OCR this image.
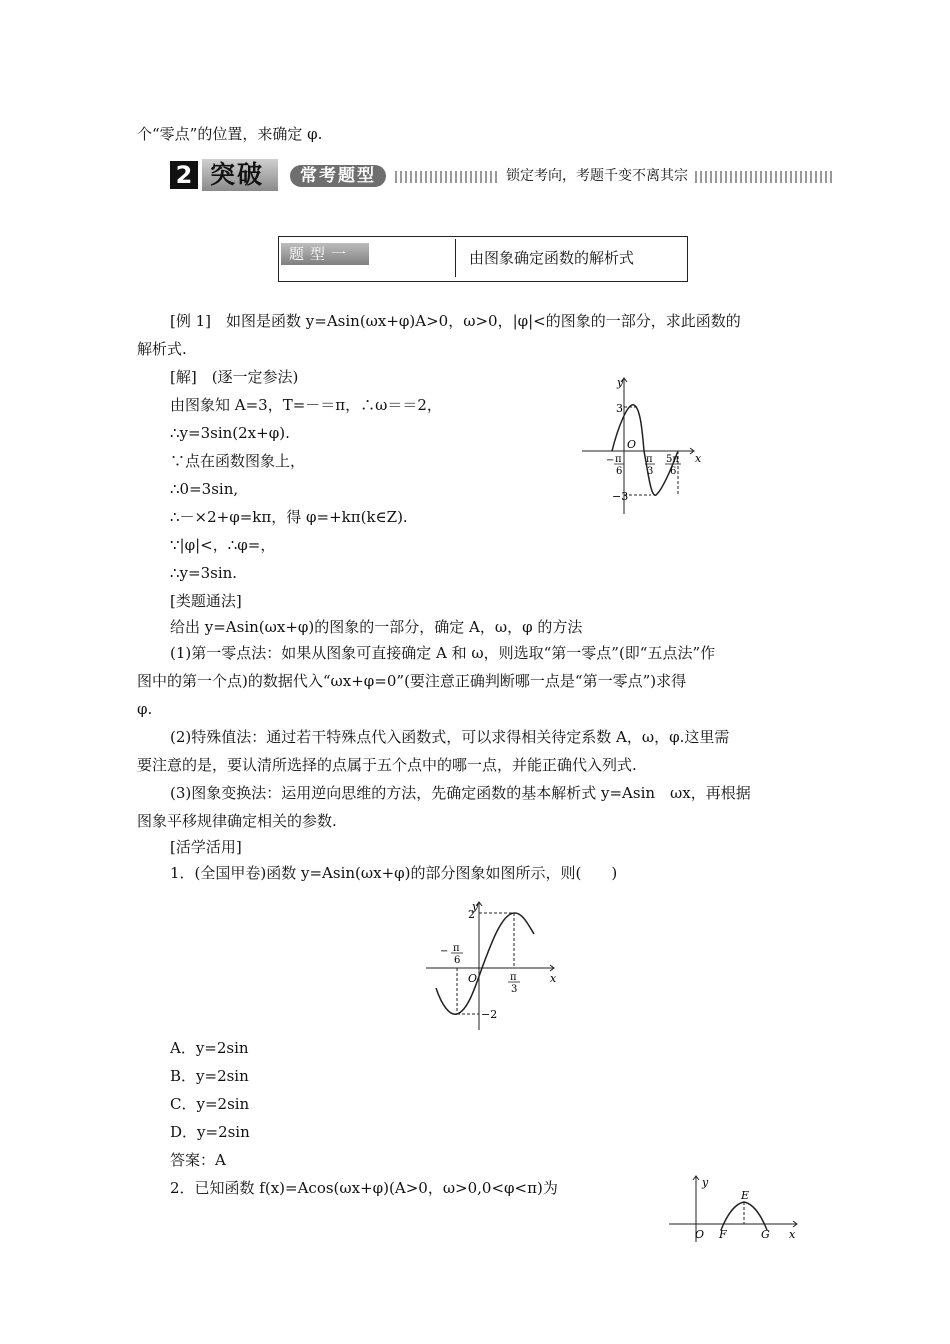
个“零点”的位置，来确定 φ.
2 突破	常考题型	锁定考向，考题千变不离其宗
题型一	由图象确定函数的解析式
[例 1]　如图是函数 y=Asin(ωx+φ)A>0，ω>0，|φ|<的图象的一部分，求此函数的
解析式.
[解]　(逐一定参法)
由图象知 A=3，T=－＝π，∴ω＝＝2，
∴y=3sin(2x+φ).
∵点在函数图象上，
∴0=3sin,
∴－×2+φ=kπ，得 φ=+kπ(k∈Z).
∵|φ|<，∴φ=，
∴y=3sin.
y
x
O
3
−3
− π
6
π
3
5π
6
[类题通法]
给出 y=Asin(ωx+φ)的图象的一部分，确定 A，ω，φ 的方法
(1)第一零点法：如果从图象可直接确定 A 和 ω，则选取“第一零点”(即“五点法”作
图中的第一个点)的数据代入“ωx+φ=0”(要注意正确判断哪一点是“第一零点”)求得
φ.
(2)特殊值法：通过若干特殊点代入函数式，可以求得相关待定系数 A，ω，φ.这里需
要注意的是，要认清所选择的点属于五个点中的哪一点，并能正确代入列式.
(3)图象变换法：运用逆向思维的方法，先确定函数的基本解析式 y=Asin　ωx，再根据
图象平移规律确定相关的参数.
[活学活用]
1．(全国甲卷)函数 y=Asin(ωx+φ)的部分图象如图所示，则(　　)
y
x
O
2
−2
− π
6
π
3
A．y=2sin
B．y=2sin
C．y=2sin
D．y=2sin
答案：A
2．已知函数 f(x)=Acos(ωx+φ)(A>0，ω>0,0<φ<π)为	y
x
O
E
F	G
